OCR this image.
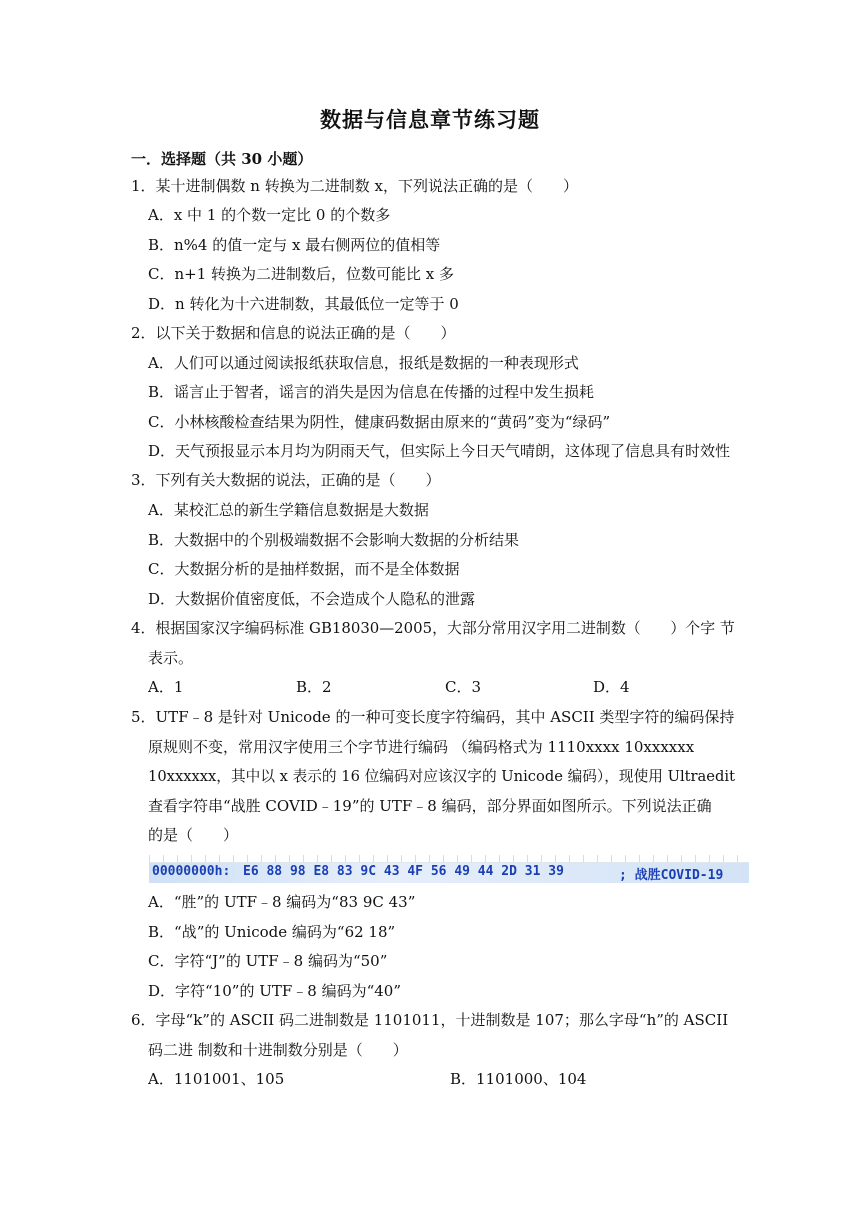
数据与信息章节练习题
一．选择题（共 30 小题）
1．某十进制偶数 n 转换为二进制数 x，下列说法正确的是（　　）
A．x 中 1 的个数一定比 0 的个数多
B．n%4 的值一定与 x 最右侧两位的值相等
C．n+1 转换为二进制数后，位数可能比 x 多
D．n 转化为十六进制数，其最低位一定等于 0
2．以下关于数据和信息的说法正确的是（　　）
A．人们可以通过阅读报纸获取信息，报纸是数据的一种表现形式
B．谣言止于智者，谣言的消失是因为信息在传播的过程中发生损耗
C．小林核酸检查结果为阴性，健康码数据由原来的“黄码”变为“绿码”
D．天气预报显示本月均为阴雨天气，但实际上今日天气晴朗，这体现了信息具有时效性
3．下列有关大数据的说法，正确的是（　　）
A．某校汇总的新生学籍信息数据是大数据
B．大数据中的个别极端数据不会影响大数据的分析结果
C．大数据分析的是抽样数据，而不是全体数据
D．大数据价值密度低，不会造成个人隐私的泄露
4．根据国家汉字编码标准 GB18030—2005，大部分常用汉字用二进制数（　　）个字 节
表示。
A．1	B．2	C．3	D．4
5．UTF﹣8 是针对 Unicode 的一种可变长度字符编码，其中 ASCII 类型字符的编码保持
原规则不变，常用汉字使用三个字节进行编码 （编码格式为 1110xxxx 10xxxxxx
10xxxxxx，其中以 x 表示的 16 位编码对应该汉字的 Unicode 编码），现使用 Ultraedit
查看字符串“战胜 COVID﹣19”的 UTF﹣8 编码，部分界面如图所示。下列说法正确
的是（　　）
00000000h: E6 88 98 E8 83 9C 43 4F 56 49 44 2D 31 39	; 战胜COVID-19
A．“胜”的 UTF﹣8 编码为“83 9C 43”
B．“战”的 Unicode 编码为“62 18”
C．字符“J”的 UTF﹣8 编码为“50”
D．字符“10”的 UTF﹣8 编码为“40”
6．字母“k”的 ASCII 码二进制数是 1101011，十进制数是 107；那么字母“h”的 ASCII
码二进 制数和十进制数分别是（　　）
A．1101001、105	B．1101000、104
